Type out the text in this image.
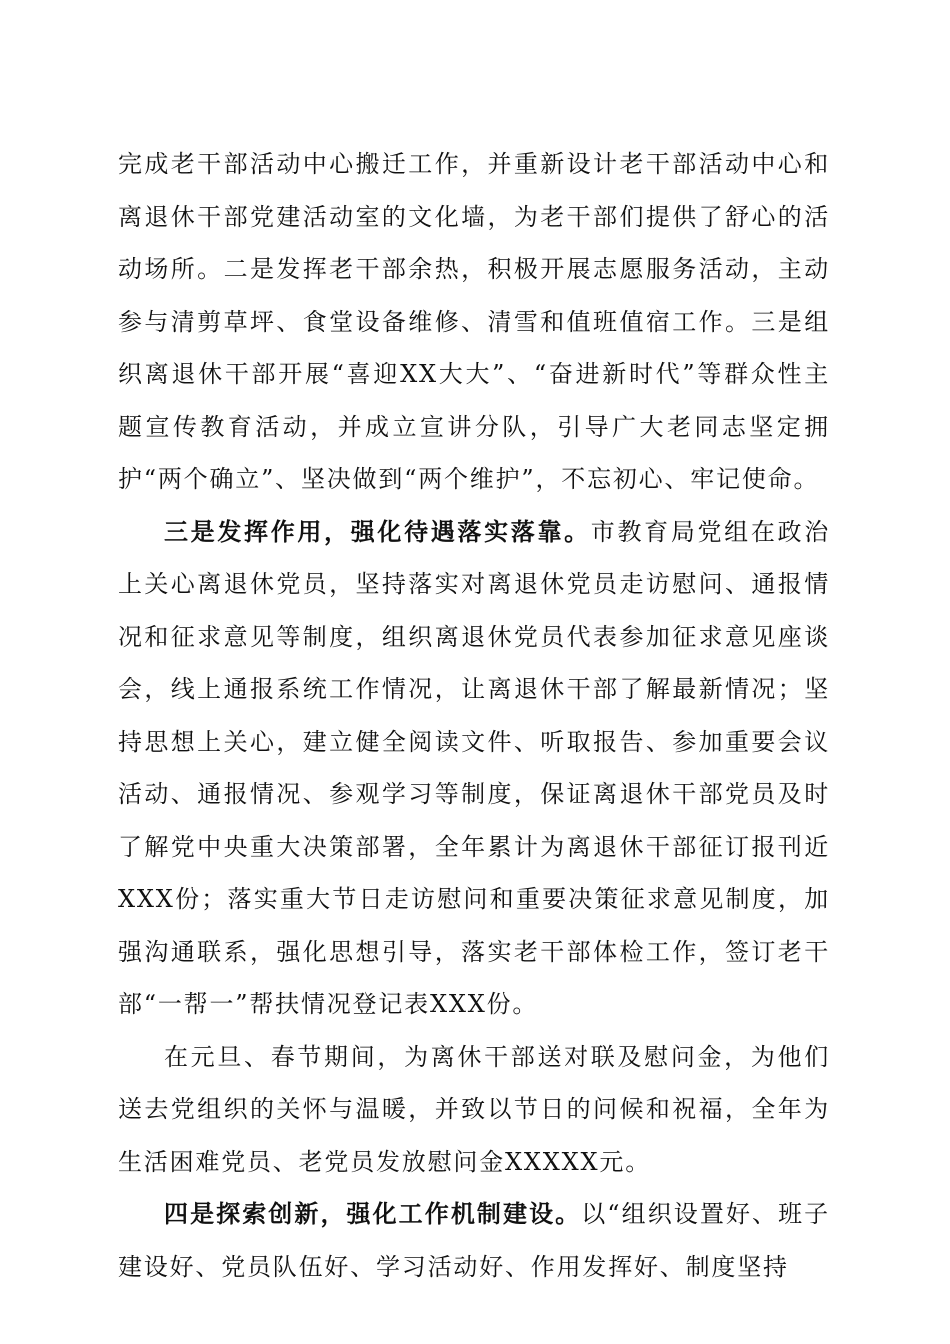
完成老干部活动中心搬迁工作，并重新设计老干部活动中心和离退休干部党建活动室的文化墙，为老干部们提供了舒心的活动场所。二是发挥老干部余热，积极开展志愿服务活动，主动参与清剪草坪、食堂设备维修、清雪和值班值宿工作。三是组织离退休干部开展“喜迎XX大大”、“奋进新时代”等群众性主题宣传教育活动，并成立宣讲分队，引导广大老同志坚定拥护“两个确立”、坚决做到“两个维护”，不忘初心、牢记使命。

三是发挥作用，强化待遇落实落靠。市教育局党组在政治上关心离退休党员，坚持落实对离退休党员走访慰问、通报情况和征求意见等制度，组织离退休党员代表参加征求意见座谈会，线上通报系统工作情况，让离退休干部了解最新情况；坚持思想上关心，建立健全阅读文件、听取报告、参加重要会议活动、通报情况、参观学习等制度，保证离退休干部党员及时了解党中央重大决策部署，全年累计为离退休干部征订报刊近XXX份；落实重大节日走访慰问和重要决策征求意见制度，加强沟通联系，强化思想引导，落实老干部体检工作，签订老干部“一帮一”帮扶情况登记表XXX份。

在元旦、春节期间，为离休干部送对联及慰问金，为他们送去党组织的关怀与温暖，并致以节日的问候和祝福，全年为生活困难党员、老党员发放慰问金XXXXX元。

四是探索创新，强化工作机制建设。以“组织设置好、班子建设好、党员队伍好、学习活动好、作用发挥好、制度坚持
